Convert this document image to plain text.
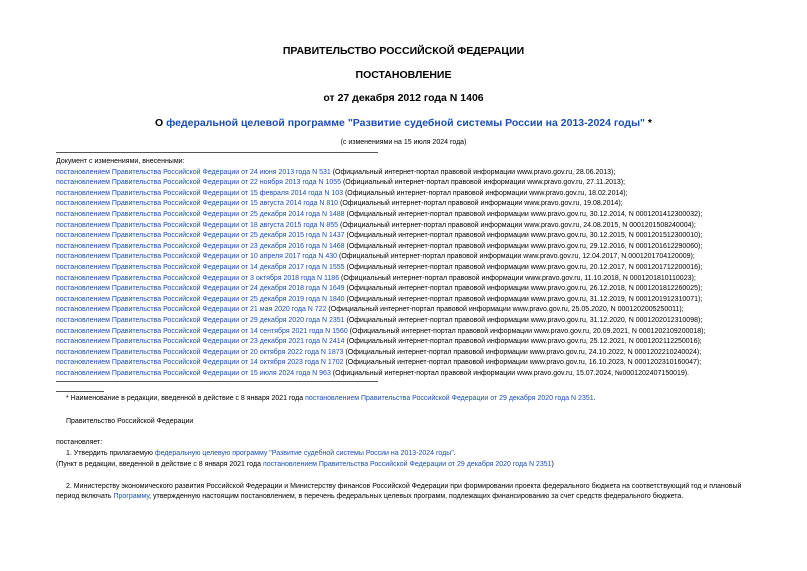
ПРАВИТЕЛЬСТВО РОССИЙСКОЙ ФЕДЕРАЦИИ
ПОСТАНОВЛЕНИЕ
от 27 декабря 2012 года N 1406
О федеральной целевой программе "Развитие судебной системы России на 2013-2024 годы" *
(с изменениями на 15 июля 2024 года)
Документ с изменениями, внесенными:
постановлением Правительства Российской Федерации от 24 июня 2013 года N 531 (Официальный интернет-портал правовой информации www.pravo.gov.ru, 28.06.2013);
постановлением Правительства Российской Федерации от 22 ноября 2013 года N 1055 (Официальный интернет-портал правовой информации www.pravo.gov.ru, 27.11.2013);
постановлением Правительства Российской Федерации от 15 февраля 2014 года N 103 (Официальный интернет-портал правовой информации www.pravo.gov.ru, 18.02.2014);
постановлением Правительства Российской Федерации от 15 августа 2014 года N 810 (Официальный интернет-портал правовой информации www.pravo.gov.ru, 19.08.2014);
постановлением Правительства Российской Федерации от 25 декабря 2014 года N 1488 (Официальный интернет-портал правовой информации www.pravo.gov.ru, 30.12.2014, N 0001201412300032);
постановлением Правительства Российской Федерации от 18 августа 2015 года N 855 (Официальный интернет-портал правовой информации www.pravo.gov.ru, 24.08.2015, N 0001201508240004);
постановлением Правительства Российской Федерации от 25 декабря 2015 года N 1437 (Официальный интернет-портал правовой информации www.pravo.gov.ru, 30.12.2015, N 0001201512300010);
постановлением Правительства Российской Федерации от 23 декабря 2016 года N 1468 (Официальный интернет-портал правовой информации www.pravo.gov.ru, 29.12.2016, N 0001201612290060);
постановлением Правительства Российской Федерации от 10 апреля 2017 года N 430 (Официальный интернет-портал правовой информации www.pravo.gov.ru, 12.04.2017, N 0001201704120009);
постановлением Правительства Российской Федерации от 14 декабря 2017 года N 1555 (Официальный интернет-портал правовой информации www.pravo.gov.ru, 20.12.2017, N 0001201712200016);
постановлением Правительства Российской Федерации от 3 октября 2018 года N 1186 (Официальный интернет-портал правовой информации www.pravo.gov.ru, 11.10.2018, N 0001201810110023);
постановлением Правительства Российской Федерации от 24 декабря 2018 года N 1649 (Официальный интернет-портал правовой информации www.pravo.gov.ru, 26.12.2018, N 0001201812260025);
постановлением Правительства Российской Федерации от 25 декабря 2019 года N 1840 (Официальный интернет-портал правовой информации www.pravo.gov.ru, 31.12.2019, N 0001201912310071);
постановлением Правительства Российской Федерации от 21 мая 2020 года N 722 (Официальный интернет-портал правовой информации www.pravo.gov.ru, 25.05.2020, N 0001202005250011);
постановлением Правительства Российской Федерации от 29 декабря 2020 года N 2351 (Официальный интернет-портал правовой информации www.pravo.gov.ru, 31.12.2020, N 0001202012310098);
постановлением Правительства Российской Федерации от 14 сентября 2021 года N 1560 (Официальный интернет-портал правовой информации www.pravo.gov.ru, 20.09.2021, N 0001202109200018);
постановлением Правительства Российской Федерации от 23 декабря 2021 года N 2414 (Официальный интернет-портал правовой информации www.pravo.gov.ru, 25.12.2021, N 0001202112250016);
постановлением Правительства Российской Федерации от 20 октября 2022 года N 1873 (Официальный интернет-портал правовой информации www.pravo.gov.ru, 24.10.2022, N 0001202210240024);
постановлением Правительства Российской Федерации от 14 октября 2023 года N 1702 (Официальный интернет-портал правовой информации www.pravo.gov.ru, 16.10.2023, N 0001202310160047);
постановлением Правительства Российской Федерации от 15 июля 2024 года N 963 (Официальный интернет-портал правовой информации www.pravo.gov.ru, 15.07.2024, №0001202407150019).
* Наименование в редакции, введенной в действие с 8 января 2021 года постановлением Правительства Российской Федерации от 29 декабря 2020 года N 2351.
Правительство Российской Федерации
постановляет:
1. Утвердить прилагаемую федеральную целевую программу "Развитие судебной системы России на 2013-2024 годы".
(Пункт в редакции, введенной в действие с 8 января 2021 года постановлением Правительства Российской Федерации от 29 декабря 2020 года N 2351)
2. Министерству экономического развития Российской Федерации и Министерству финансов Российской Федерации при формировании проекта федерального бюджета на соответствующий год и плановый
период включать Программу, утвержденную настоящим постановлением, в перечень федеральных целевых программ, подлежащих финансированию за счет средств федерального бюджета.
